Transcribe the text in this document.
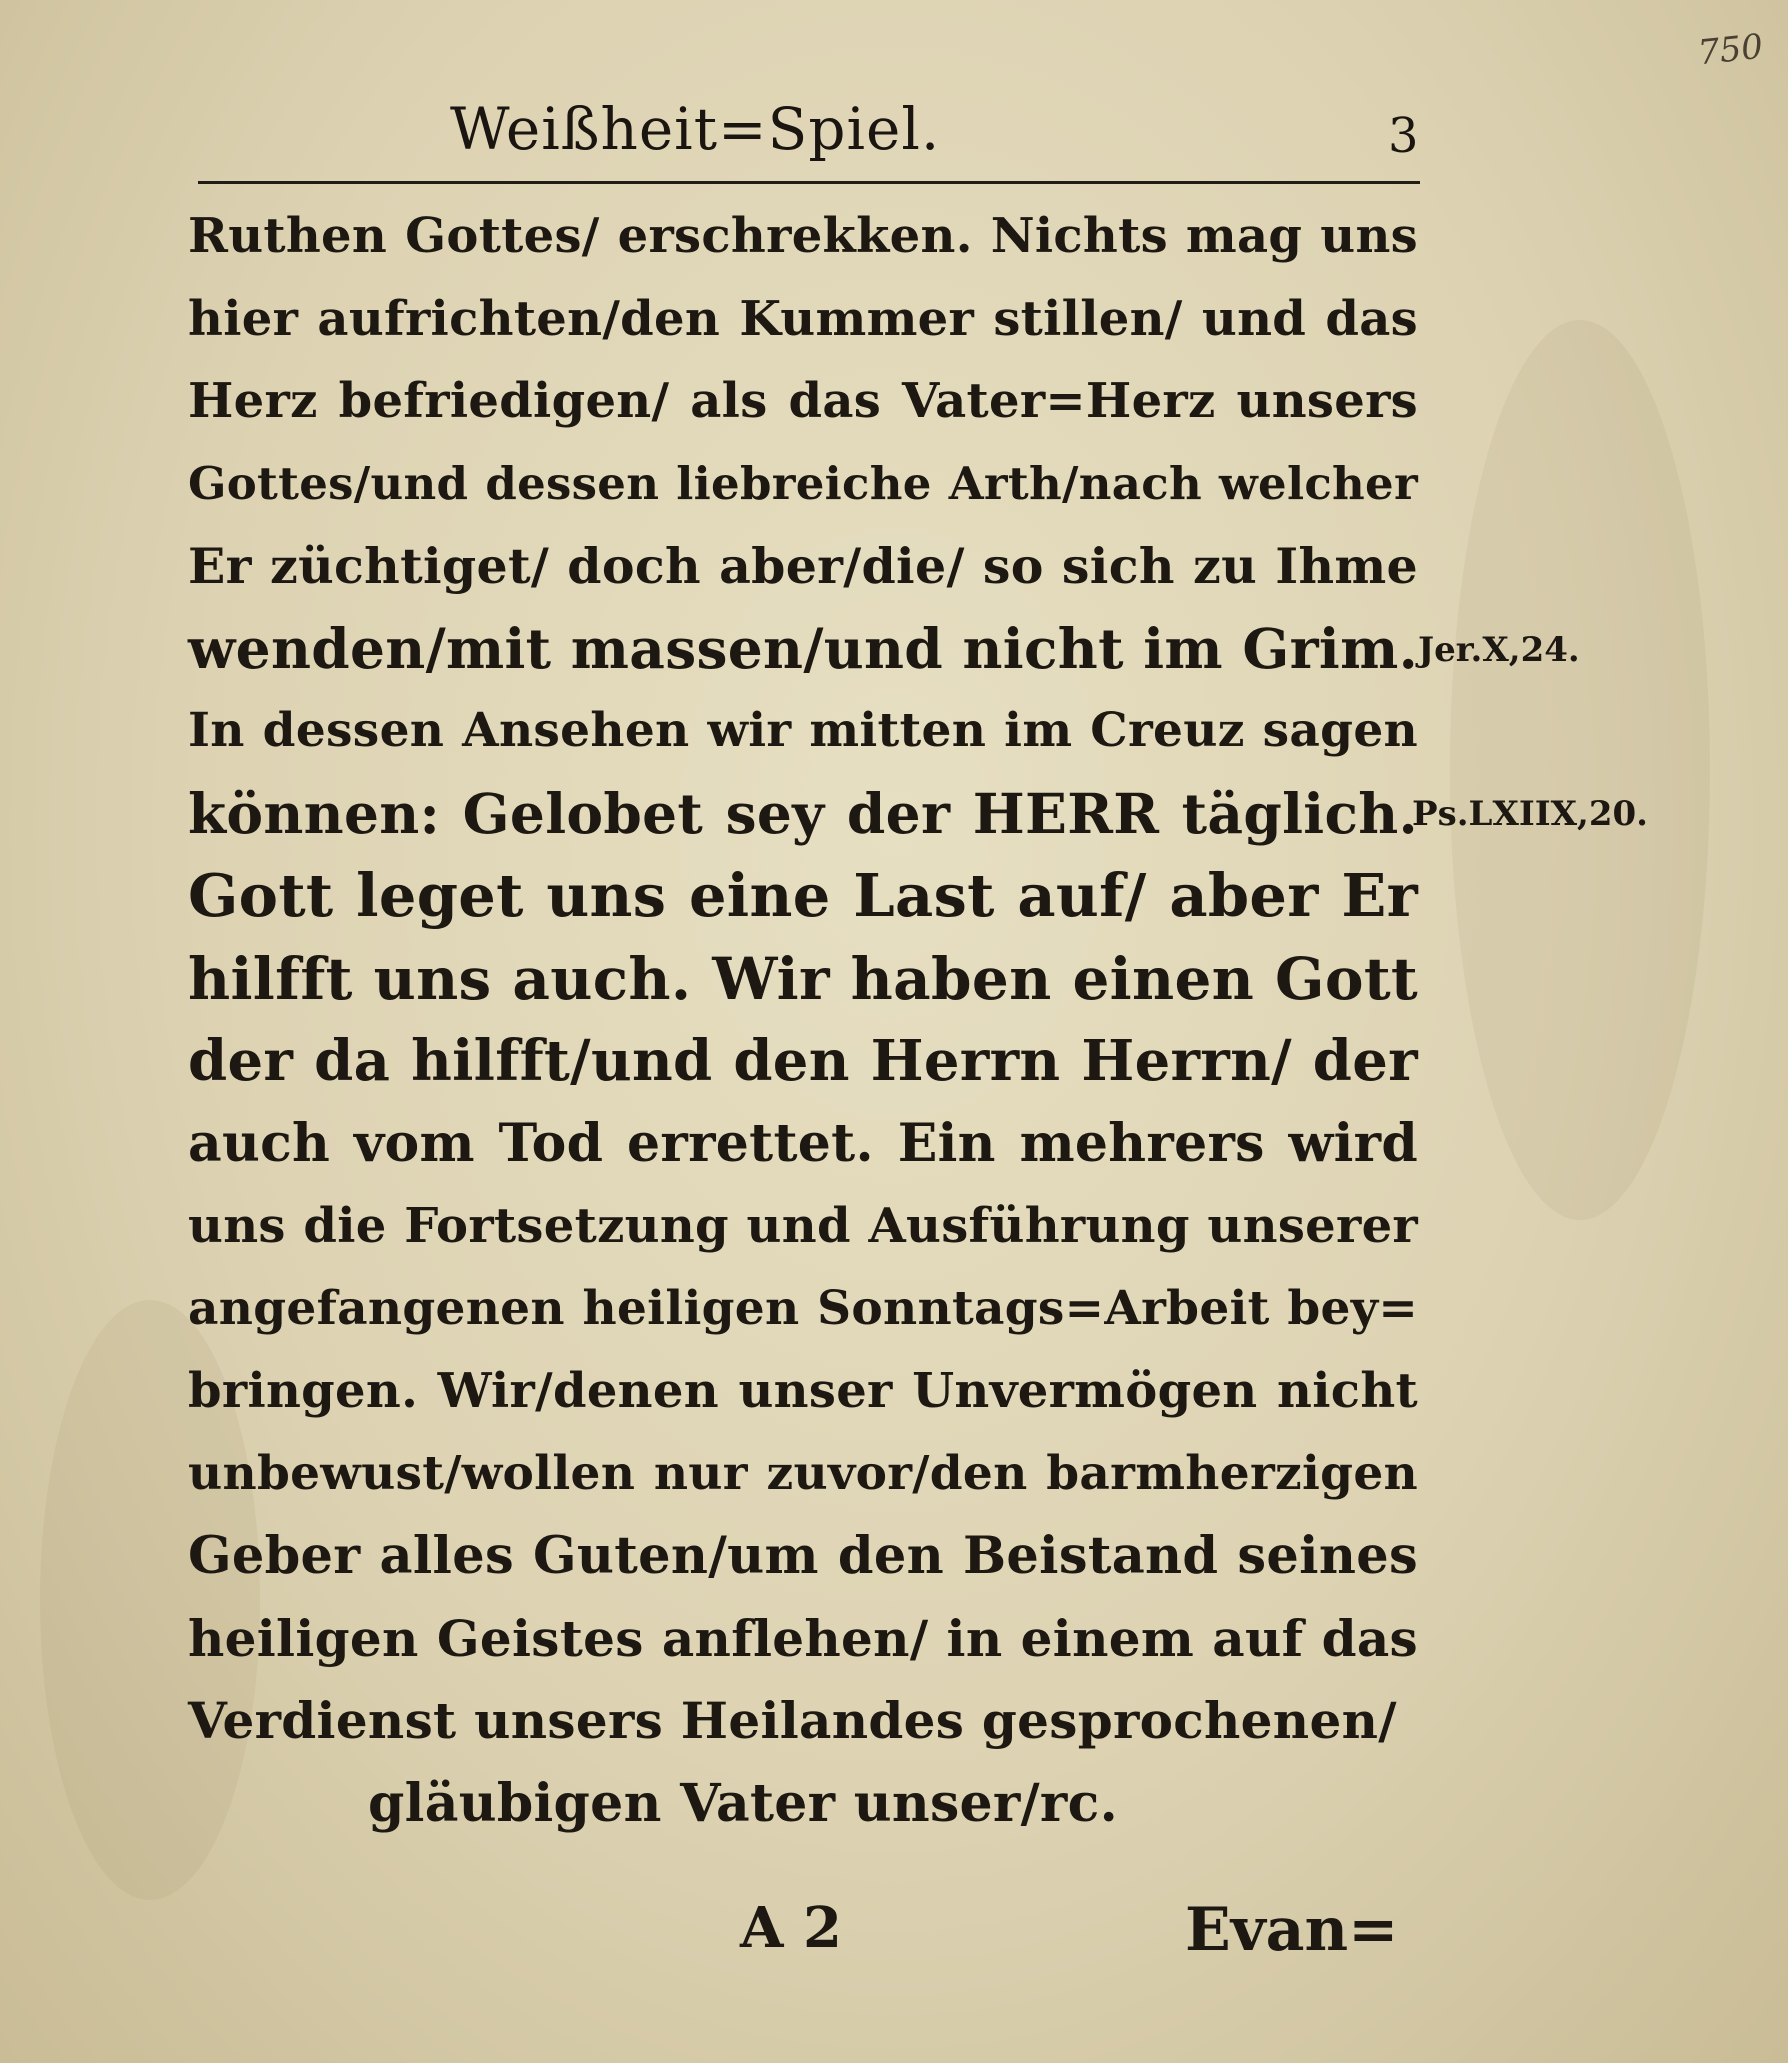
750
Weißheit=Spiel.	3
Ruthen Gottes/ erschrekken. Nichts mag uns
hier aufrichten/den Kummer stillen/ und das
Herz befriedigen/ als das Vater=Herz unsers
Gottes/und dessen liebreiche Arth/nach welcher
Er züchtiget/ doch aber/die/ so sich zu Ihme
wenden/mit massen/und nicht im Grim.
In dessen Ansehen wir mitten im Creuz sagen
können: Gelobet sey der HERR täglich.
Gott leget uns eine Last auf/ aber Er
hilfft uns auch. Wir haben einen Gott
der da hilfft/und den Herrn Herrn/ der
auch vom Tod errettet. Ein mehrers wird
uns die Fortsetzung und Ausführung unserer
angefangenen heiligen Sonntags=Arbeit bey=
bringen. Wir/denen unser Unvermögen nicht
unbewust/wollen nur zuvor/den barmherzigen
Geber alles Guten/um den Beistand seines
heiligen Geistes anflehen/ in einem auf das
Verdienst unsers Heilandes gesprochenen/
gläubigen Vater unser/rc.
Jer.X,24.
Ps.LXIIX,20.
A 2	Evan=
